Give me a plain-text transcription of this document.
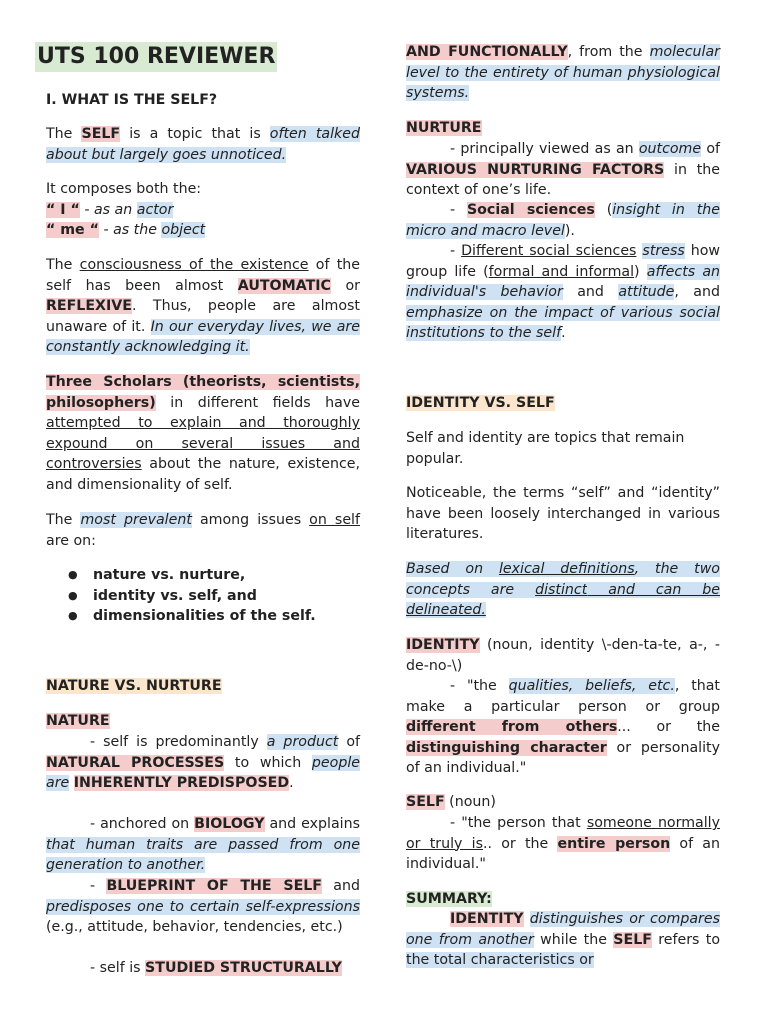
UTS 100 REVIEWER
I. WHAT IS THE SELF?
The SELF is a topic that is often talked about but largely goes unnoticed.
It composes both the:
“ I “ - as an actor
“ me “ - as the object
The consciousness of the existence of the self has been almost AUTOMATIC or REFLEXIVE. Thus, people are almost unaware of it. In our everyday lives, we are constantly acknowledging it.
Three Scholars (theorists, scientists, philosophers) in different fields have attempted to explain and thoroughly expound on several issues and controversies about the nature, existence, and dimensionality of self.
The most prevalent among issues on self are on:
● nature vs. nurture,
● identity vs. self, and
● dimensionalities of the self.
NATURE VS. NURTURE
NATURE
- self is predominantly a product of NATURAL PROCESSES to which people are INHERENTLY PREDISPOSED.
- anchored on BIOLOGY and explains that human traits are passed from one generation to another.
- BLUEPRINT OF THE SELF and predisposes one to certain self-expressions (e.g., attitude, behavior, tendencies, etc.)
- self is STUDIED STRUCTURALLY
AND FUNCTIONALLY, from the molecular level to the entirety of human physiological systems.
NURTURE
- principally viewed as an outcome of VARIOUS NURTURING FACTORS in the context of one’s life.
- Social sciences (insight in the micro and macro level).
- Different social sciences stress how group life (formal and informal) affects an individual's behavior and attitude, and emphasize on the impact of various social institutions to the self.
IDENTITY VS. SELF
Self and identity are topics that remain popular.
Noticeable, the terms “self” and “identity” have been loosely interchanged in various literatures.
Based on lexical definitions, the two concepts are distinct and can be delineated.
IDENTITY (noun, identity \-den-ta-te, a-, -de-no-\)
- "the qualities, beliefs, etc., that make a particular person or group different from others... or the distinguishing character or personality of an individual."
SELF (noun)
- "the person that someone normally or truly is.. or the entire person of an individual."
SUMMARY:
IDENTITY distinguishes or compares one from another while the SELF refers to the total characteristics or
